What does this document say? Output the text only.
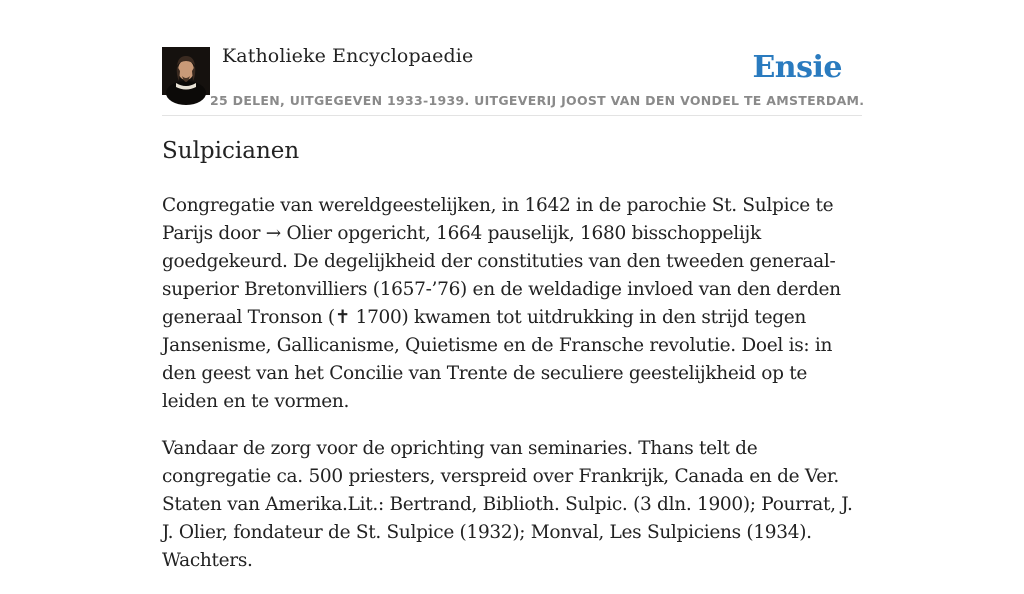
Katholieke Encyclopaedie	Ensie
25 DELEN, UITGEGEVEN 1933-1939. UITGEVERIJ JOOST VAN DEN VONDEL TE AMSTERDAM.
Sulpicianen

Congregatie van wereldgeestelijken, in 1642 in de parochie St. Sulpice te Parijs door → Olier opgericht, 1664 pauselijk, 1680 bisschoppelijk goedgekeurd. De degelijkheid der constituties van den tweeden generaal-superior Bretonvilliers (1657-’76) en de weldadige invloed van den derden generaal Tronson (✝ 1700) kwamen tot uitdrukking in den strijd tegen Jansenisme, Gallicanisme, Quietisme en de Fransche revolutie. Doel is: in den geest van het Concilie van Trente de seculiere geestelijkheid op te leiden en te vormen.

Vandaar de zorg voor de oprichting van seminaries. Thans telt de congregatie ca. 500 priesters, verspreid over Frankrijk, Canada en de Ver. Staten van Amerika.Lit.: Bertrand, Biblioth. Sulpic. (3 dln. 1900); Pourrat, J. J. Olier, fondateur de St. Sulpice (1932); Monval, Les Sulpiciens (1934). Wachters.
